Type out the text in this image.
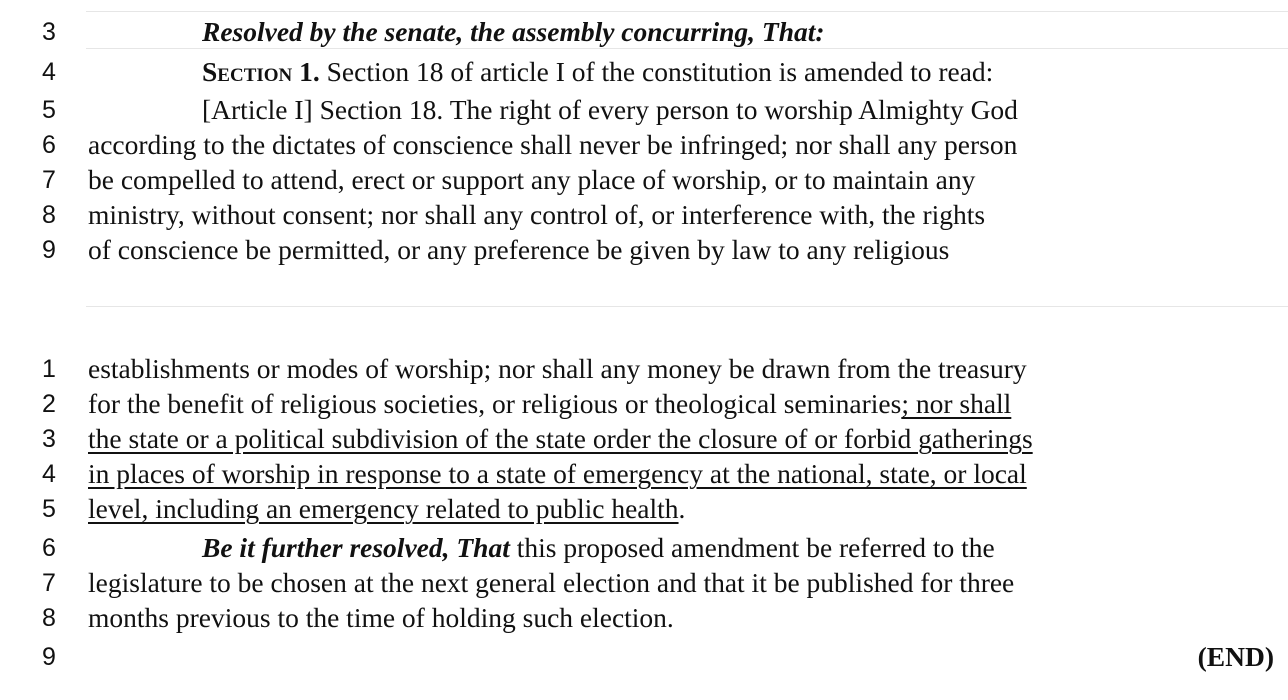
3	Resolved by the senate, the assembly concurring, That:
4	Section 1. Section 18 of article I of the constitution is amended to read:
5	[Article I] Section 18. The right of every person to worship Almighty God
6 according to the dictates of conscience shall never be infringed; nor shall any person
7 be compelled to attend, erect or support any place of worship, or to maintain any
8 ministry, without consent; nor shall any control of, or interference with, the rights
9 of conscience be permitted, or any preference be given by law to any religious
1 establishments or modes of worship; nor shall any money be drawn from the treasury
2 for the benefit of religious societies, or religious or theological seminaries; nor shall
3 the state or a political subdivision of the state order the closure of or forbid gatherings
4 in places of worship in response to a state of emergency at the national, state, or local
5 level, including an emergency related to public health.
6	Be it further resolved, That this proposed amendment be referred to the
7 legislature to be chosen at the next general election and that it be published for three
8 months previous to the time of holding such election.
9	(END)
